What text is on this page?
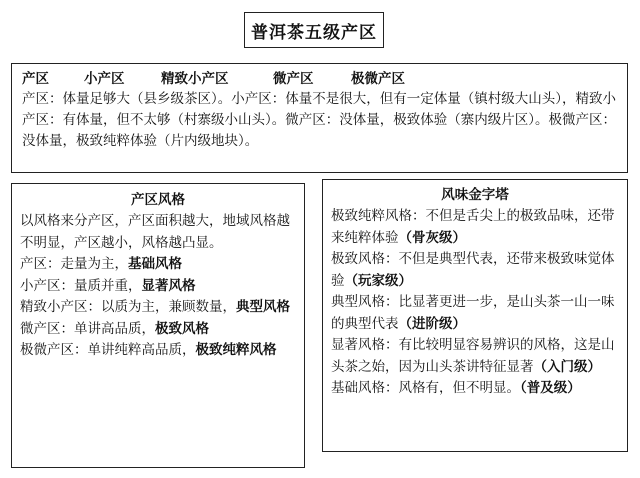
普洱茶五级产区
产区	小产区	精致小产区	微产区	极微产区
产区：体量足够大（县乡级茶区）。小产区：体量不是很大，但有一定体量（镇村级大山头），精致小产区：有体量，但不太够（村寨级小山头）。微产区：没体量，极致体验（寨内级片区）。极微产区：没体量，极致纯粹体验（片内级地块）。
产区风格
以风格来分产区，产区面积越大，地域风格越不明显，产区越小，风格越凸显。
产区：走量为主，基础风格
小产区：量质并重，显著风格
精致小产区：以质为主，兼顾数量，典型风格
微产区：单讲高品质，极致风格
极微产区：单讲纯粹高品质，极致纯粹风格
风味金字塔
极致纯粹风格：不但是舌尖上的极致品味，还带来纯粹体验（骨灰级）
极致风格：不但是典型代表，还带来极致味觉体验（玩家级）
典型风格：比显著更进一步，是山头茶一山一味的典型代表（进阶级）
显著风格：有比较明显容易辨识的风格，这是山头茶之始，因为山头茶讲特征显著（入门级）
基础风格：风格有，但不明显。（普及级）
